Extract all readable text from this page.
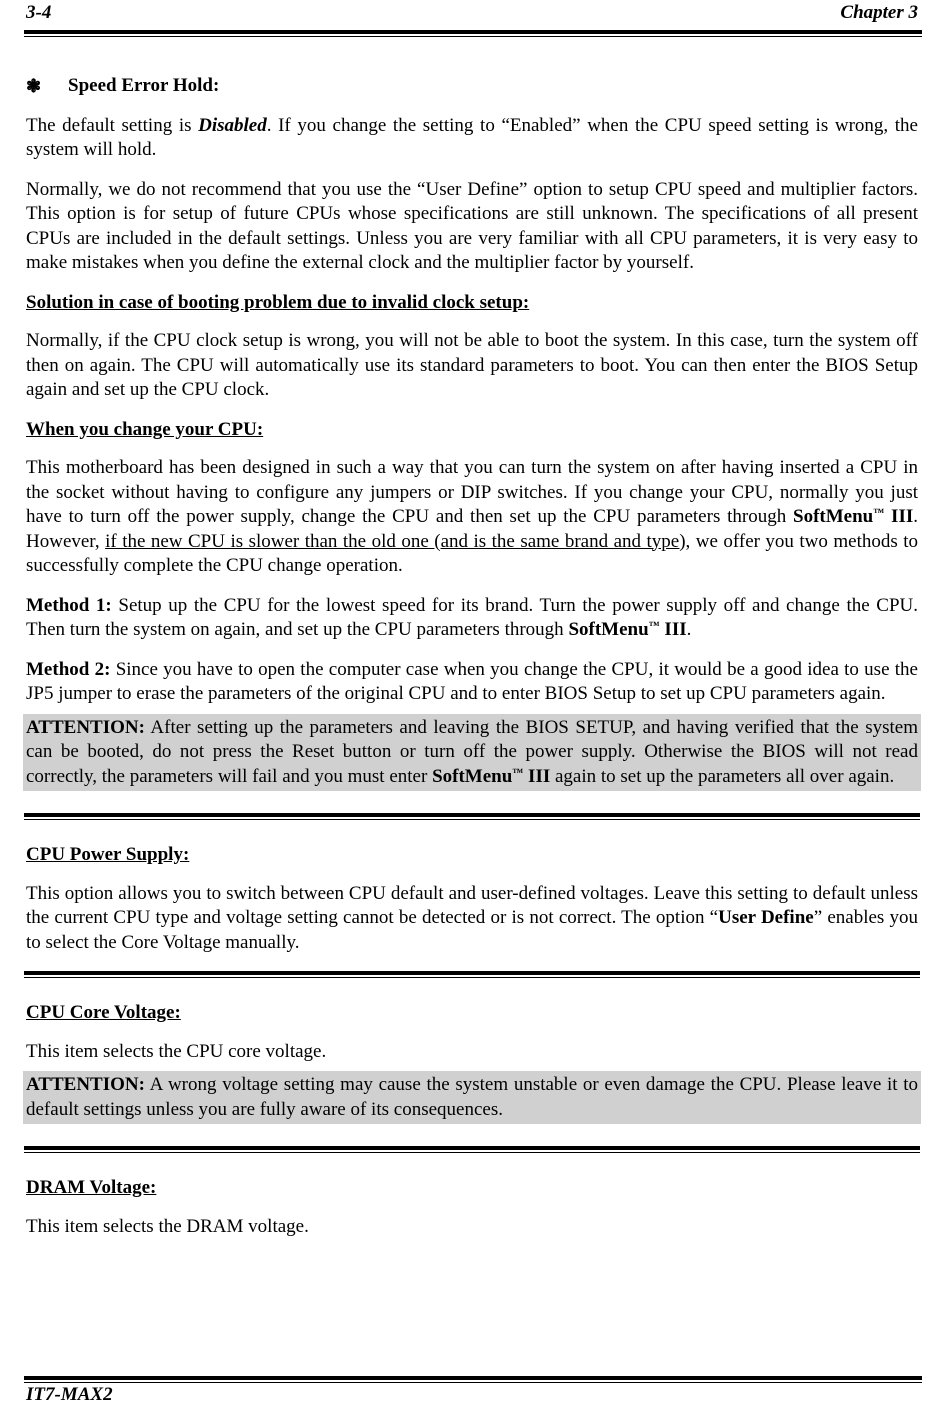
3-4	Chapter 3
❃	Speed Error Hold:

The default setting is Disabled. If you change the setting to “Enabled” when the CPU speed setting is wrong, the system will hold.

Normally, we do not recommend that you use the “User Define” option to setup CPU speed and multiplier factors. This option is for setup of future CPUs whose specifications are still unknown. The specifications of all present CPUs are included in the default settings. Unless you are very familiar with all CPU parameters, it is very easy to make mistakes when you define the external clock and the multiplier factor by yourself.

Solution in case of booting problem due to invalid clock setup:

Normally, if the CPU clock setup is wrong, you will not be able to boot the system. In this case, turn the system off then on again. The CPU will automatically use its standard parameters to boot. You can then enter the BIOS Setup again and set up the CPU clock.

When you change your CPU:

This motherboard has been designed in such a way that you can turn the system on after having inserted a CPU in the socket without having to configure any jumpers or DIP switches. If you change your CPU, normally you just have to turn off the power supply, change the CPU and then set up the CPU parameters through SoftMenu™ III. However, if the new CPU is slower than the old one (and is the same brand and type), we offer you two methods to successfully complete the CPU change operation.

Method 1: Setup up the CPU for the lowest speed for its brand. Turn the power supply off and change the CPU. Then turn the system on again, and set up the CPU parameters through SoftMenu™ III.

Method 2: Since you have to open the computer case when you change the CPU, it would be a good idea to use the JP5 jumper to erase the parameters of the original CPU and to enter BIOS Setup to set up CPU parameters again.

ATTENTION: After setting up the parameters and leaving the BIOS SETUP, and having verified that the system can be booted, do not press the Reset button or turn off the power supply. Otherwise the BIOS will not read correctly, the parameters will fail and you must enter SoftMenu™ III again to set up the parameters all over again.
CPU Power Supply:

This option allows you to switch between CPU default and user-defined voltages. Leave this setting to default unless the current CPU type and voltage setting cannot be detected or is not correct. The option “User Define” enables you to select the Core Voltage manually.

CPU Core Voltage:

This item selects the CPU core voltage.

ATTENTION: A wrong voltage setting may cause the system unstable or even damage the CPU. Please leave it to default settings unless you are fully aware of its consequences.
DRAM Voltage:

This item selects the DRAM voltage.

IT7-MAX2
